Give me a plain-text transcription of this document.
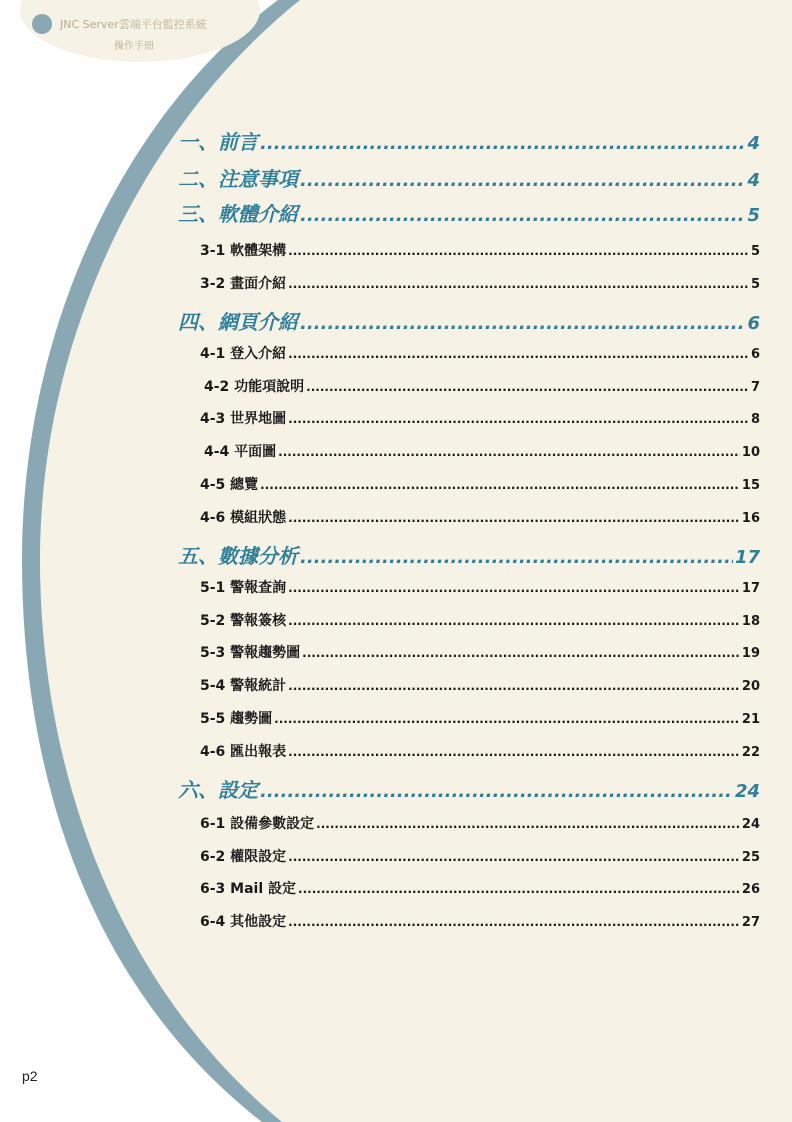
JNC Server雲端平台監控系統
操作手冊
一、前言 .....	4
二、注意事項 .....	4
三、軟體介紹 .....	5
3-1 軟體架構 .....	5
3-2 畫面介紹 .....	5
四、網頁介紹 .....	6
4-1 登入介紹 .....	6
4-2 功能項說明 .....	7
4-3 世界地圖 .....	8
4-4 平面圖 .....	10
4-5 總覽 .....	15
4-6 模組狀態 .....	16
五、數據分析 .....	17
5-1 警報查詢 .....	17
5-2 警報簽核 .....	18
5-3 警報趨勢圖 .....	19
5-4 警報統計 .....	20
5-5 趨勢圖 .....	21
4-6 匯出報表 .....	22
六、設定 .....	24
6-1 設備參數設定 .....	24
6-2 權限設定 .....	25
6-3 Mail 設定 .....	26
6-4 其他設定 .....	27
p2
